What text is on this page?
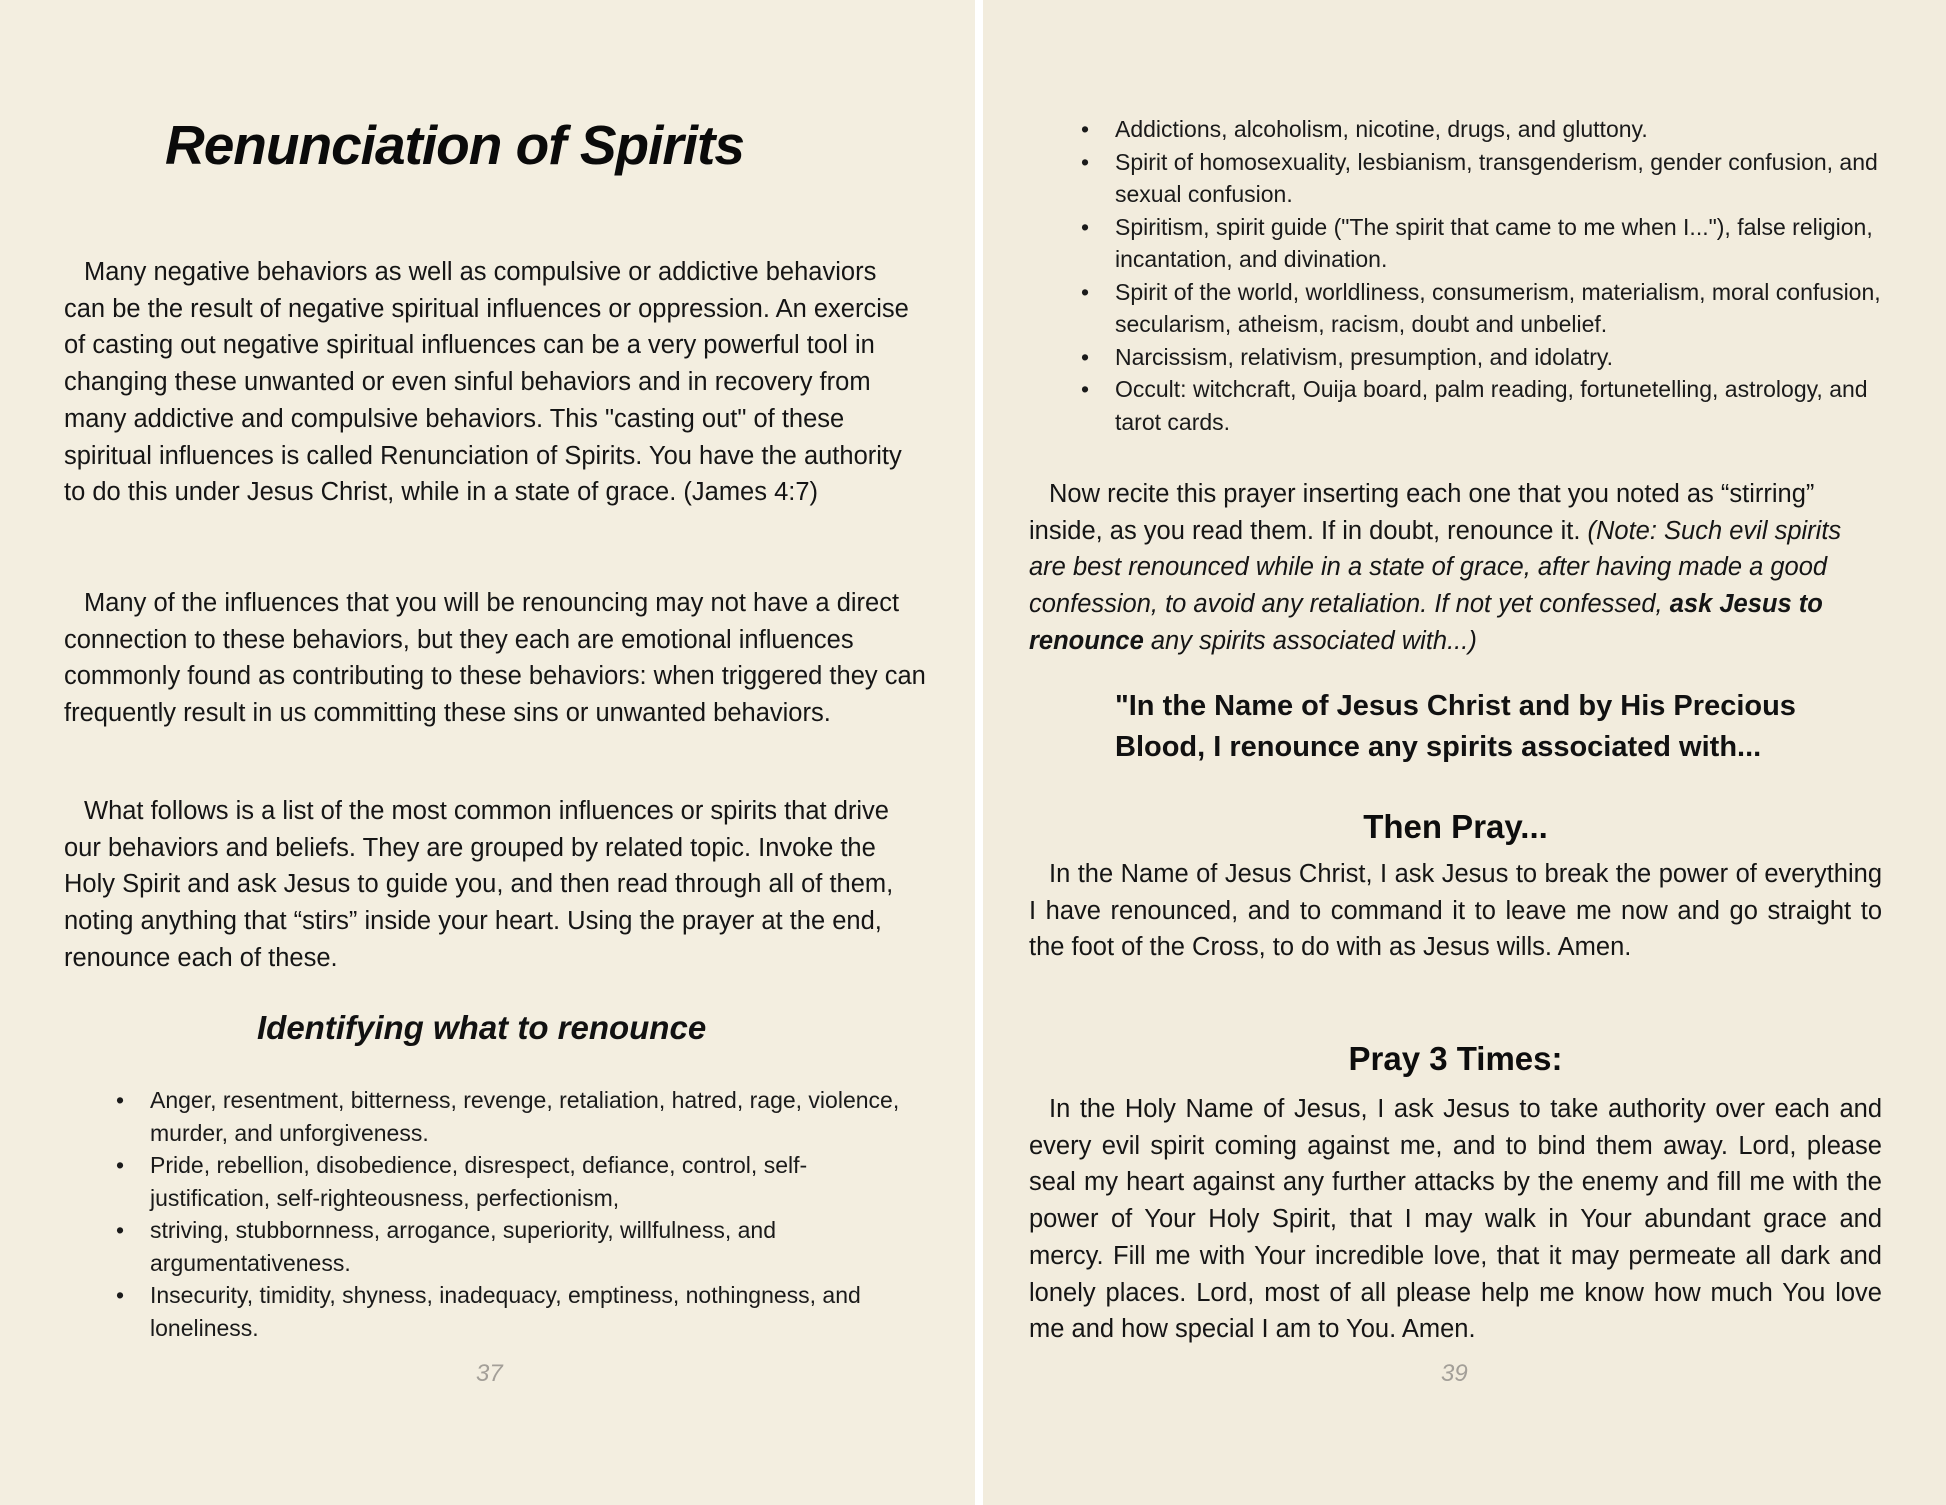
Renunciation of Spirits

Many negative behaviors as well as compulsive or addictive behaviors can be the result of negative spiritual influences or oppression. An exercise of casting out negative spiritual influences can be a very powerful tool in changing these unwanted or even sinful behaviors and in recovery from many addictive and compulsive behaviors. This "casting out" of these spiritual influences is called Renunciation of Spirits. You have the authority to do this under Jesus Christ, while in a state of grace. (James 4:7)

Many of the influences that you will be renouncing may not have a direct connection to these behaviors, but they each are emotional influences commonly found as contributing to these behaviors: when triggered they can frequently result in us committing these sins or unwanted behaviors.

What follows is a list of the most common influences or spirits that drive our behaviors and beliefs. They are grouped by related topic. Invoke the Holy Spirit and ask Jesus to guide you, and then read through all of them, noting anything that “stirs” inside your heart. Using the prayer at the end, renounce each of these.

Identifying what to renounce
• Anger, resentment, bitterness, revenge, retaliation, hatred, rage, violence, murder, and unforgiveness.
• Pride, rebellion, disobedience, disrespect, defiance, control, self-justification, self-righteousness, perfectionism,
• striving, stubbornness, arrogance, superiority, willfulness, and argumentativeness.
• Insecurity, timidity, shyness, inadequacy, emptiness, nothingness, and loneliness.
37
• Addictions, alcoholism, nicotine, drugs, and gluttony.
• Spirit of homosexuality, lesbianism, transgenderism, gender confusion, and sexual confusion.
• Spiritism, spirit guide ("The spirit that came to me when I..."), false religion, incantation, and divination.
• Spirit of the world, worldliness, consumerism, materialism, moral confusion, secularism, atheism, racism, doubt and unbelief.
• Narcissism, relativism, presumption, and idolatry.
• Occult: witchcraft, Ouija board, palm reading, fortunetelling, astrology, and tarot cards.

Now recite this prayer inserting each one that you noted as “stirring” inside, as you read them. If in doubt, renounce it. (Note: Such evil spirits are best renounced while in a state of grace, after having made a good confession, to avoid any retaliation. If not yet confessed, ask Jesus to renounce any spirits associated with...)

"In the Name of Jesus Christ and by His Precious
Blood, I renounce any spirits associated with...
Then Pray...

In the Name of Jesus Christ, I ask Jesus to break the power of everything I have renounced, and to command it to leave me now and go straight to the foot of the Cross, to do with as Jesus wills. Amen.

Pray 3 Times:

In the Holy Name of Jesus, I ask Jesus to take authority over each and every evil spirit coming against me, and to bind them away. Lord, please seal my heart against any further attacks by the enemy and fill me with the power of Your Holy Spirit, that I may walk in Your abundant grace and mercy. Fill me with Your incredible love, that it may permeate all dark and lonely places. Lord, most of all please help me know how much You love me and how special I am to You. Amen.

39
